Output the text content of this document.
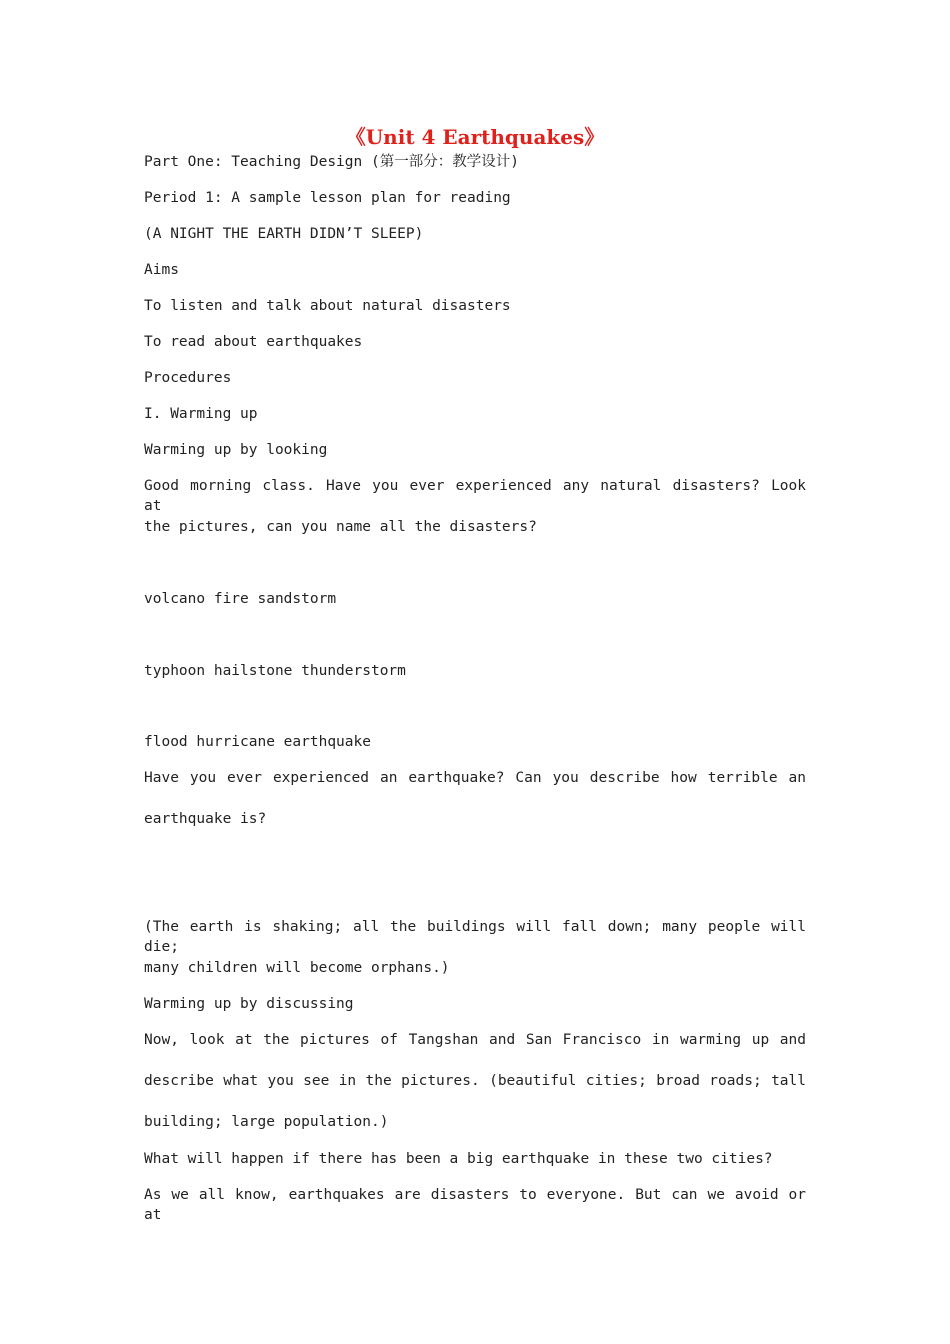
《Unit 4 Earthquakes》
Part One: Teaching Design (第一部分：教学设计)
Period 1: A sample lesson plan for reading
(A NIGHT THE EARTH DIDN’T SLEEP)
Aims
To listen and talk about natural disasters
To read about earthquakes
Procedures
I. Warming up
Warming up by looking
Good morning class. Have you ever experienced any natural disasters? Look at
the pictures, can you name all the disasters?
volcano fire sandstorm
typhoon hailstone thunderstorm
flood hurricane earthquake
Have you ever experienced an earthquake? Can you describe how terrible an
earthquake is?
(The earth is shaking; all the buildings will fall down; many people will die;
many children will become orphans.)
Warming up by discussing
Now, look at the pictures of Tangshan and San Francisco in warming up and
describe what you see in the pictures. (beautiful cities; broad roads; tall
building; large population.)
What will happen if there has been a big earthquake in these two cities?
As we all know, earthquakes are disasters to everyone. But can we avoid or at
